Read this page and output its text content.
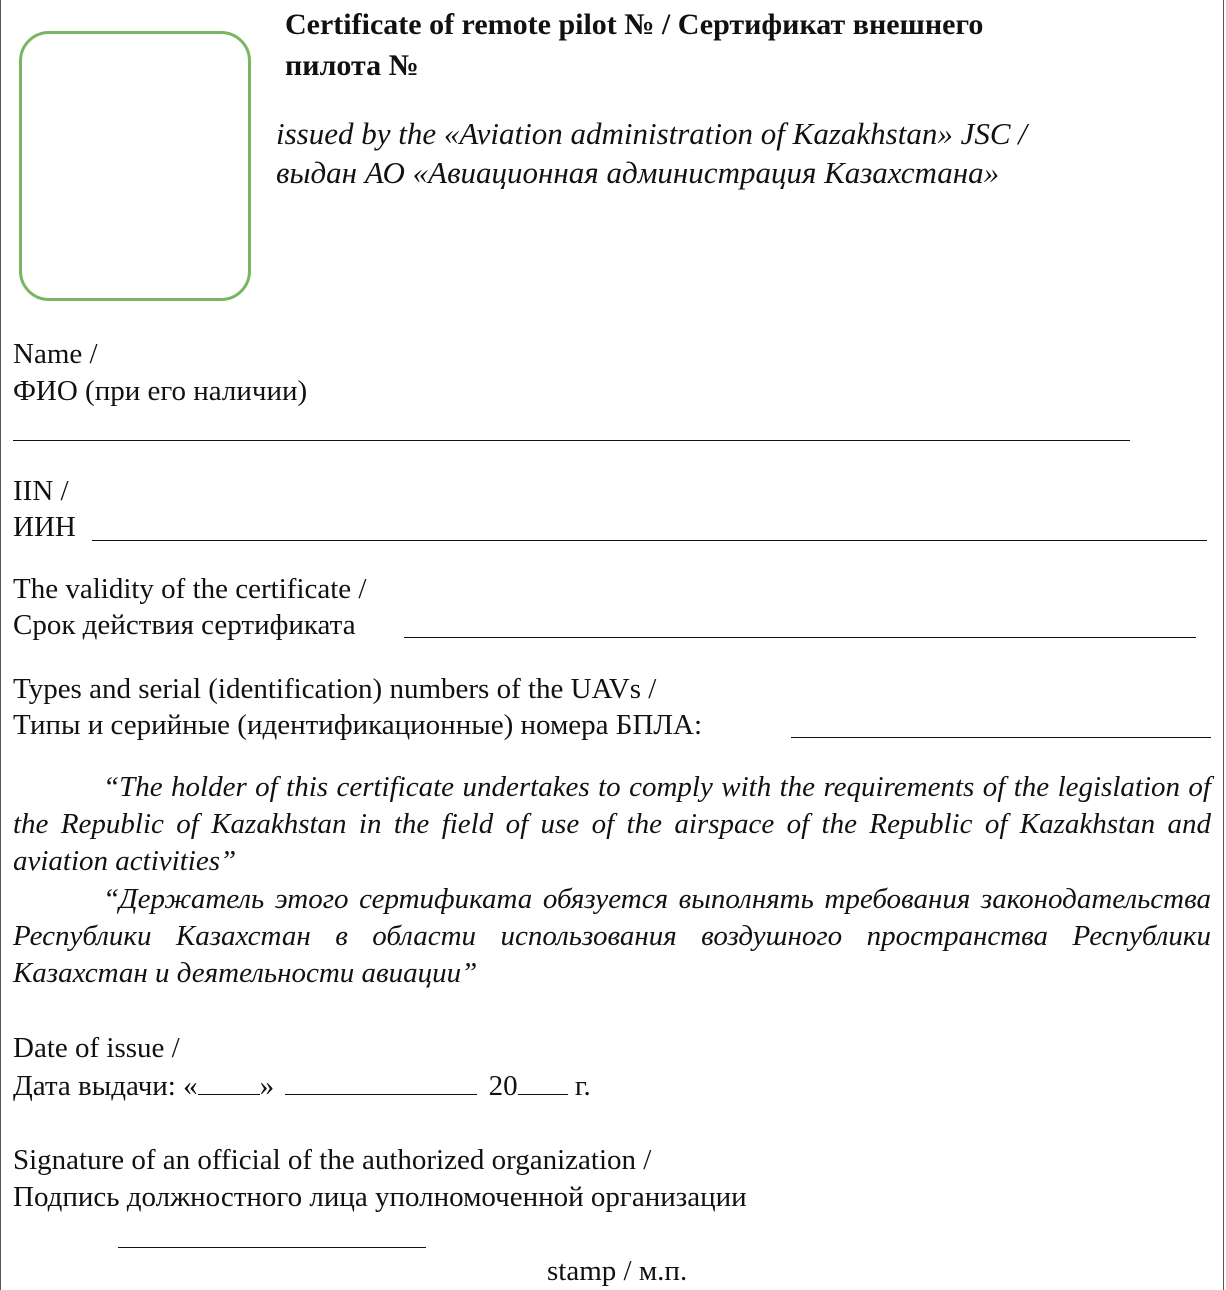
Certificate of remote pilot № / Сертификат внешнего
пилота №
issued by the «Aviation administration of Kazakhstan» JSC /
выдан АО «Авиационная администрация Казахстана»
Name /
ФИО (при его наличии)
IIN /
ИИН
The validity of the certificate /
Срок действия сертификата
Types and serial (identification) numbers of the UAVs /
Типы и серийные (идентификационные) номера БПЛА:

“The holder of this certificate undertakes to comply with the requirements of the legislation of the Republic of Kazakhstan in the field of use of the airspace of the Republic of Kazakhstan and aviation activities”

“Держатель этого сертификата обязуется выполнять требования законодательства Республики Казахстан в области использования воздушного пространства Республики Казахстан и деятельности авиации”

Date of issue /
Дата выдачи: « »	20 г.
Signature of an official of the authorized organization /
Подпись должностного лица уполномоченной организации
stamp / м.п.
